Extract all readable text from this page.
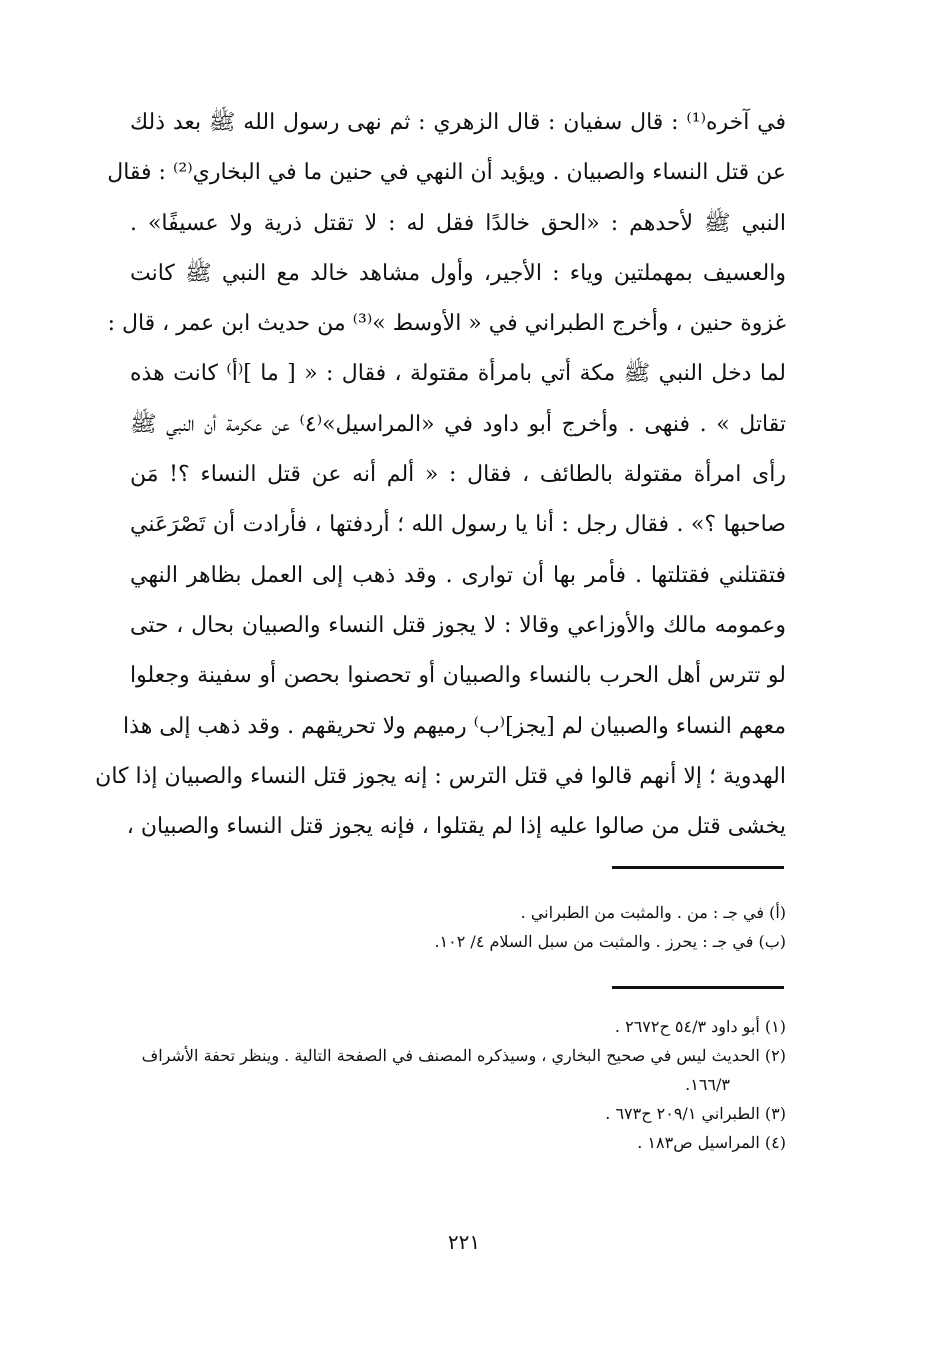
في آخره⁽¹⁾ : قال سفيان : قال الزهري : ثم نهى رسول الله ﷺ بعد ذلك
عن قتل النساء والصبيان . ويؤيد أن النهي في حنين ما في البخاري⁽²⁾ : فقال
النبي ﷺ لأحدهم : «الحق خالدًا فقل له : لا تقتل ذرية ولا عسيفًا» .
والعسيف بمهملتين وياء : الأجير، وأول مشاهد خالد مع النبي ﷺ كانت
غزوة حنين ، وأخرج الطبراني في « الأوسط »⁽³⁾ من حديث ابن عمر ، قال :
لما دخل النبي ﷺ مكة أتي بامرأة مقتولة ، فقال : « [ ما ]⁽أ⁾ كانت هذه
تقاتل » . فنهى . وأخرج أبو داود في «المراسيل»⁽٤⁾ عن عكرمة أن النبي ﷺ
رأى امرأة مقتولة بالطائف ، فقال : « ألم أنه عن قتل النساء ؟! مَن
صاحبها ؟» . فقال رجل : أنا يا رسول الله ؛ أردفتها ، فأرادت أن تَصْرَعَني
فتقتلني فقتلتها . فأمر بها أن توارى . وقد ذهب إلى العمل بظاهر النهي
وعمومه مالك والأوزاعي وقالا : لا يجوز قتل النساء والصبيان بحال ، حتى
لو تترس أهل الحرب بالنساء والصبيان أو تحصنوا بحصن أو سفينة وجعلوا
معهم النساء والصبيان لم [يجز]⁽ب⁾ رميهم ولا تحريقهم . وقد ذهب إلى هذا
الهدوية ؛ إلا أنهم قالوا في قتل الترس : إنه يجوز قتل النساء والصبيان إذا كان
يخشى قتل من صالوا عليه إذا لم يقتلوا ، فإنه يجوز قتل النساء والصبيان ،
(أ) في جـ : من . والمثبت من الطبراني .
(ب) في جـ : يحرز . والمثبت من سبل السلام ٤/ ١٠٢.
(١) أبو داود ٥٤/٣ ح٢٦٧٢ .
(٢) الحديث ليس في صحيح البخاري ، وسيذكره المصنف في الصفحة التالية . وينظر تحفة الأشراف
١٦٦/٣.
(٣) الطبراني ٢٠٩/١ ح٦٧٣ .
(٤) المراسيل ص١٨٣ .
٢٢١
